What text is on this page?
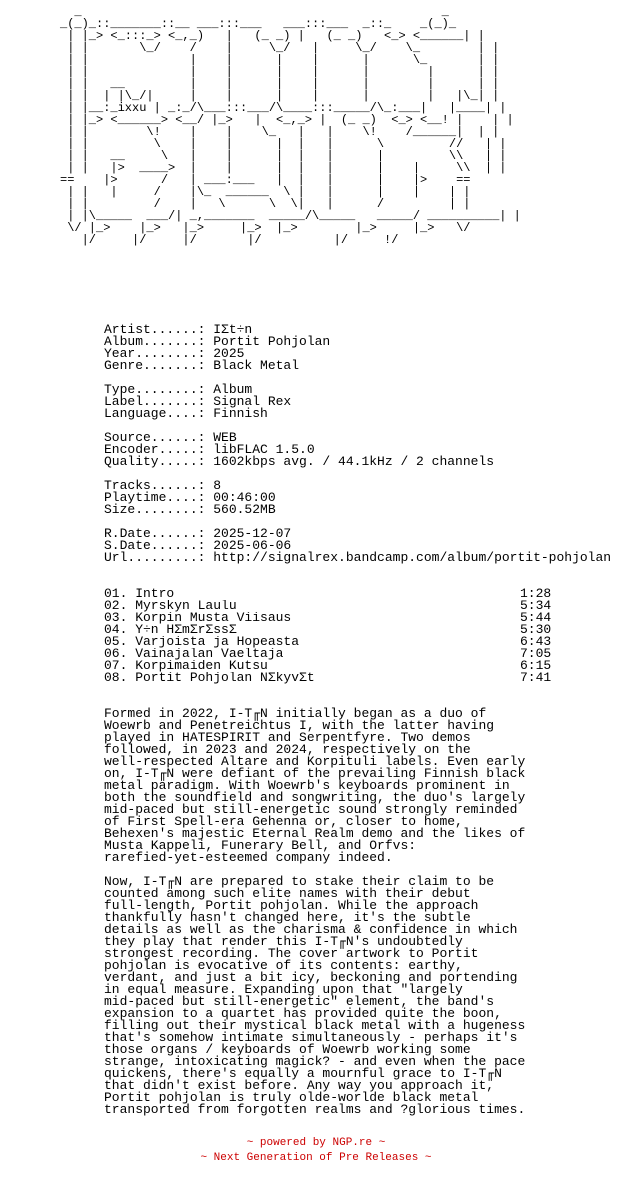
_                                                  _
_(_)_::_______::__ ___:::___   ___:::___  _::_    _(_)_
| |_> <_:::_> <_,_)   |   (_ _) |   (_ _)   <_> <______| |
| |       \_/    /    |     \_/   |     \_/    \_        | |
| |              |    |      |    |      |      \_       | |
| |              |    |      |    |      |        |      | |
| |   __         |    |      |    |      |        |      | |
| |  | |\_/|     |    |      |    |      |        |   |\_| |
| |__:_ixxu | _:_/\___:::___/\____:::_____/\_:___|   |____| |
| |_> <______> <__/ |_>   |  <_,_> |  (_ _)  <_> <__! |    | |
| |        \!    |    |    \_   |   |    \!    /______|  | |
| |         \    |    |      |  |   |      \         //   | |
| |   __     \   |    |      |  |   |      |         \\   | |
| |   |>  ____>  |    |      |  |   |      |    |     \\  | |
==    |>      /   | ___:___   |  |   |      |    |>    ==
| |   |     /    |\_  ______  \ |   |      |    |    | |
| |         /    |   \      \  \|   |      /         | |
| |\_____  ___/| _,_______  _____/\_____   _____/ __________| |
\/ |_>    |_>   |_>     |_>  |_>        |_>     |_>   \/
|/     |/     |/       |/          |/     !/
Artist......: IΣt÷n
Album.......: Portit Pohjolan
Year........: 2025
Genre.......: Black Metal
Type........: Album
Label.......: Signal Rex
Language....: Finnish
Source......: WEB
Encoder.....: libFLAC 1.5.0
Quality.....: 1602kbps avg. / 44.1kHz / 2 channels
Tracks......: 8
Playtime....: 00:46:00
Size........: 560.52MB
R.Date......: 2025-12-07
S.Date......: 2025-06-06
Url.........: http://signalrex.bandcamp.com/album/portit-pohjolan
01. Intro	1:28
02. Myrskyn Laulu	5:34
03. Korpin Musta Viisaus	5:44
04. Y÷n HΣmΣrΣssΣ	5:30
05. Varjoista ja Hopeasta	6:43
06. Vainajalan Vaeltaja	7:05
07. Korpimaiden Kutsu	6:15
08. Portit Pohjolan NΣkyvΣt	7:41
Formed in 2022, I-T╓N initially began as a duo of
Woewrb and Penetreichtus I, with the latter having
played in HATESPIRIT and Serpentfyre. Two demos
followed, in 2023 and 2024, respectively on the
well-respected Altare and Korpituli labels. Even early
on, I-T╓N were defiant of the prevailing Finnish black
metal paradigm. With Woewrb's keyboards prominent in
both the soundfield and songwriting, the duo's largely
mid-paced but still-energetic sound strongly reminded
of First Spell-era Gehenna or, closer to home,
Behexen's majestic Eternal Realm demo and the likes of
Musta Kappeli, Funerary Bell, and Orfvs:
rarefied-yet-esteemed company indeed.
Now, I-T╓N are prepared to stake their claim to be
counted among such elite names with their debut
full-length, Portit pohjolan. While the approach
thankfully hasn't changed here, it's the subtle
details as well as the charisma & confidence in which
they play that render this I-T╓N's undoubtedly
strongest recording. The cover artwork to Portit
pohjolan is evocative of its contents: earthy,
verdant, and just a bit icy, beckoning and portending
in equal measure. Expanding upon that "largely
mid-paced but still-energetic" element, the band's
expansion to a quartet has provided quite the boon,
filling out their mystical black metal with a hugeness
that's somehow intimate simultaneously - perhaps it's
those organs / keyboards of Woewrb working some
strange, intoxicating magick? - and even when the pace
quickens, there's equally a mournful grace to I-T╓N
that didn't exist before. Any way you approach it,
Portit pohjolan is truly olde-worlde black metal
transported from forgotten realms and ?glorious times.
~ powered by NGP.re ~
~ Next Generation of Pre Releases ~
